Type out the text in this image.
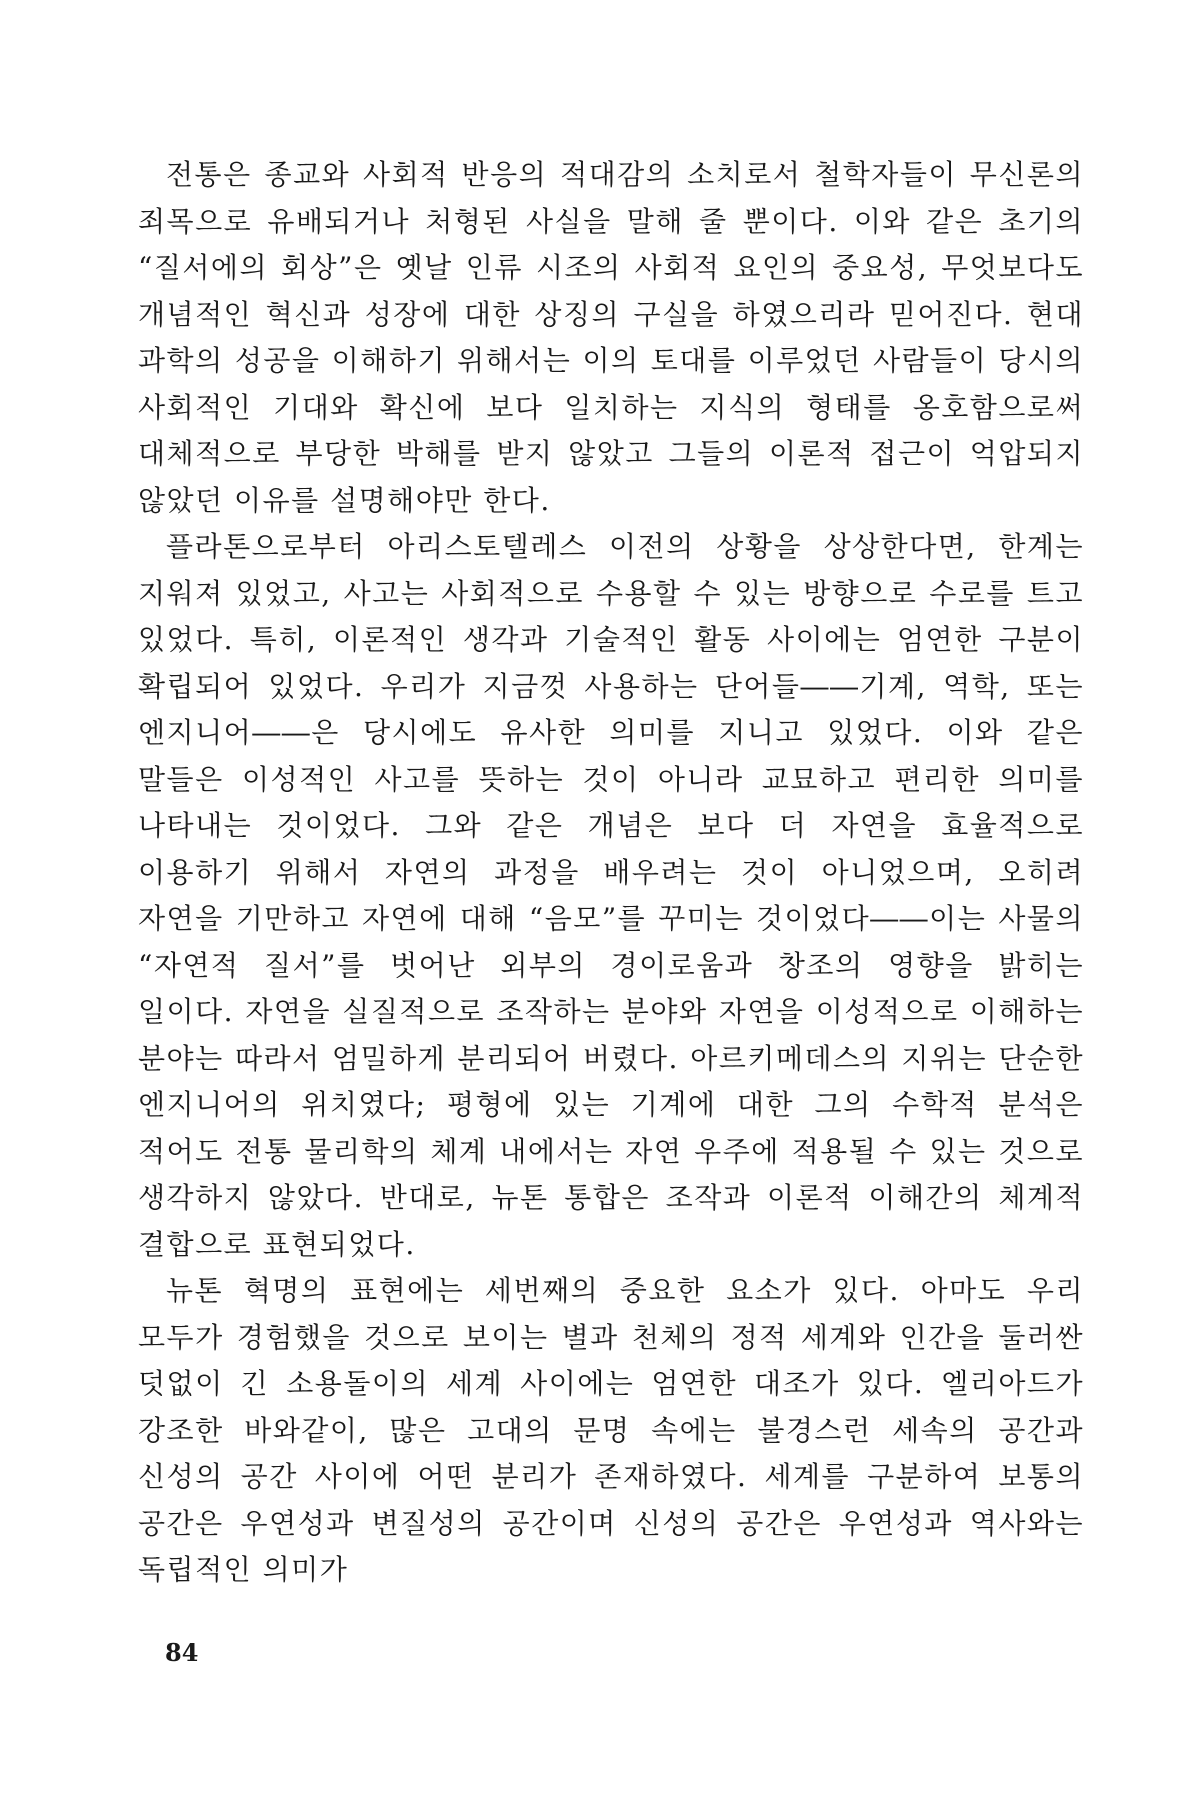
전통은 종교와 사회적 반응의 적대감의 소치로서 철학자들이 무신론의 죄목으로 유배되거나 처형된 사실을 말해 줄 뿐이다. 이와 같은 초기의 “질서에의 회상”은 옛날 인류 시조의 사회적 요인의 중요성, 무엇보다도 개념적인 혁신과 성장에 대한 상징의 구실을 하였으리라 믿어진다. 현대 과학의 성공을 이해하기 위해서는 이의 토대를 이루었던 사람들이 당시의 사회적인 기대와 확신에 보다 일치하는 지식의 형태를 옹호함으로써 대체적으로 부당한 박해를 받지 않았고 그들의 이론적 접근이 억압되지 않았던 이유를 설명해야만 한다.

플라톤으로부터 아리스토텔레스 이전의 상황을 상상한다면, 한계는 지워져 있었고, 사고는 사회적으로 수용할 수 있는 방향으로 수로를 트고 있었다. 특히, 이론적인 생각과 기술적인 활동 사이에는 엄연한 구분이 확립되어 있었다. 우리가 지금껏 사용하는 단어들――기계, 역학, 또는 엔지니어――은 당시에도 유사한 의미를 지니고 있었다. 이와 같은 말들은 이성적인 사고를 뜻하는 것이 아니라 교묘하고 편리한 의미를 나타내는 것이었다. 그와 같은 개념은 보다 더 자연을 효율적으로 이용하기 위해서 자연의 과정을 배우려는 것이 아니었으며, 오히려 자연을 기만하고 자연에 대해 “음모”를 꾸미는 것이었다――이는 사물의 “자연적 질서”를 벗어난 외부의 경이로움과 창조의 영향을 밝히는 일이다. 자연을 실질적으로 조작하는 분야와 자연을 이성적으로 이해하는 분야는 따라서 엄밀하게 분리되어 버렸다. 아르키메데스의 지위는 단순한 엔지니어의 위치였다; 평형에 있는 기계에 대한 그의 수학적 분석은 적어도 전통 물리학의 체계 내에서는 자연 우주에 적용될 수 있는 것으로 생각하지 않았다. 반대로, 뉴톤 통합은 조작과 이론적 이해간의 체계적 결합으로 표현되었다.

뉴톤 혁명의 표현에는 세번째의 중요한 요소가 있다. 아마도 우리 모두가 경험했을 것으로 보이는 별과 천체의 정적 세계와 인간을 둘러싼 덧없이 긴 소용돌이의 세계 사이에는 엄연한 대조가 있다. 엘리아드가 강조한 바와같이, 많은 고대의 문명 속에는 불경스런 세속의 공간과 신성의 공간 사이에 어떤 분리가 존재하였다. 세계를 구분하여 보통의 공간은 우연성과 변질성의 공간이며 신성의 공간은 우연성과 역사와는 독립적인 의미가

84
